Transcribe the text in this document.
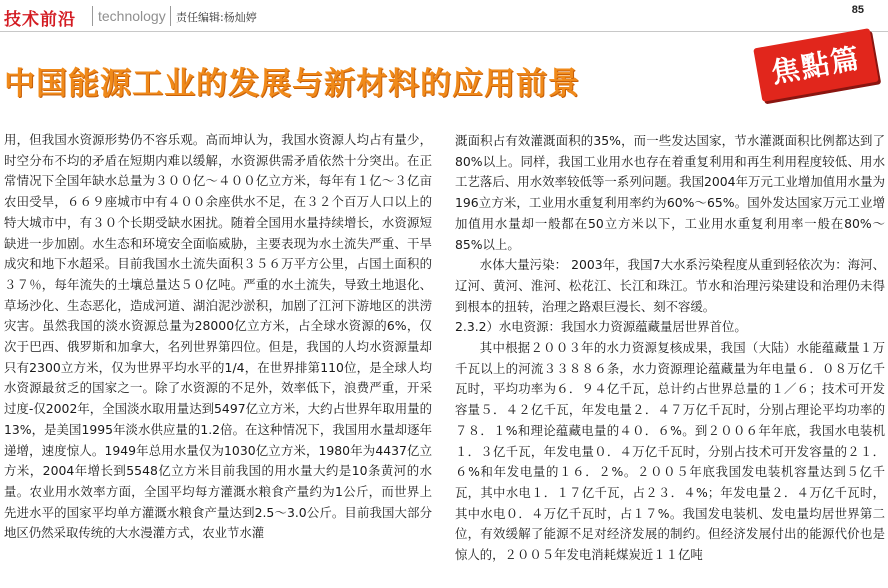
技术前沿 technology 责任编辑:杨灿婷
85
中国能源工业的发展与新材料的应用前景	焦點篇

用，但我国水资源形势仍不容乐观。高而坤认为，我国水资源人均占有量少，时空分布不均的矛盾在短期内难以缓解，水资源供需矛盾依然十分突出。在正常情况下全国年缺水总量为３００亿～４００亿立方米，每年有１亿～３亿亩农田受旱，６６９座城市中有４００余座供水不足，在３２个百万人口以上的特大城市中，有３０个长期受缺水困扰。随着全国用水量持续增长，水资源短缺进一步加剧。水生态和环境安全面临威胁，主要表现为水土流失严重、干旱成灾和地下水超采。目前我国水土流失面积３５６万平方公里，占国土面积的３７％，每年流失的土壤总量达５０亿吨。严重的水土流失，导致土地退化、草场沙化、生态恶化，造成河道、湖泊泥沙淤积，加剧了江河下游地区的洪涝灾害。虽然我国的淡水资源总量为28000亿立方米，占全球水资源的6%，仅次于巴西、俄罗斯和加拿大，名列世界第四位。但是，我国的人均水资源量却只有2300立方米，仅为世界平均水平的1/4，在世界排第110位，是全球人均水资源最贫乏的国家之一。除了水资源的不足外，效率低下，浪费严重，开采过度-仅2002年，全国淡水取用量达到5497亿立方米，大约占世界年取用量的13%，是美国1995年淡水供应量的1.2倍。在这种情况下，我国用水量却逐年递增，速度惊人。1949年总用水量仅为1030亿立方米，1980年为4437亿立方米，2004年增长到5548亿立方米目前我国的用水量大约是10条黄河的水量。农业用水效率方面，全国平均每方灌溉水粮食产量约为1公斤，而世界上先进水平的国家平均单方灌溉水粮食产量达到2.5～3.0公斤。目前我国大部分地区仍然采取传统的大水漫灌方式，农业节水灌

溉面积占有效灌溉面积的35%，而一些发达国家，节水灌溉面积比例都达到了80%以上。同样，我国工业用水也存在着重复利用和再生利用程度较低、用水工艺落后、用水效率较低等一系列问题。我国2004年万元工业增加值用水量为196立方米，工业用水重复利用率约为60%～65%。国外发达国家万元工业增加值用水量却一般都在50立方米以下，工业用水重复利用率一般在80%～85%以上。

水体大量污染： 2003年，我国7大水系污染程度从重到轻依次为：海河、辽河、黄河、淮河、松花江、长江和珠江。节水和治理污染建设和治理仍未得到根本的扭转，治理之路艰巨漫长、刻不容缓。

2.3.2）水电资源：我国水力资源蕴藏量居世界首位。

其中根据２００３年的水力资源复核成果，我国（大陆）水能蕴藏量１万千瓦以上的河流３３８８６条，水力资源理论蕴藏量为年电量６．０８万亿千瓦时，平均功率为６．９４亿千瓦，总计约占世界总量的１／６；技术可开发容量５．４２亿千瓦，年发电量２．４７万亿千瓦时，分别占理论平均功率的７８．１%和理论蕴藏电量的４０．６%。到２００６年年底，我国水电装机１．３亿千瓦，年发电量０．４万亿千瓦时，分别占技术可开发容量的２１．６%和年发电量的１６．２%。２００５年底我国发电装机容量达到５亿千瓦，其中水电１．１７亿千瓦，占２３．４%；年发电量２．４万亿千瓦时，其中水电０．４万亿千瓦时，占１７%。我国发电装机、发电量均居世界第二位，有效缓解了能源不足对经济发展的制约。但经济发展付出的能源代价也是惊人的，２００５年发电消耗煤炭近１１亿吨
